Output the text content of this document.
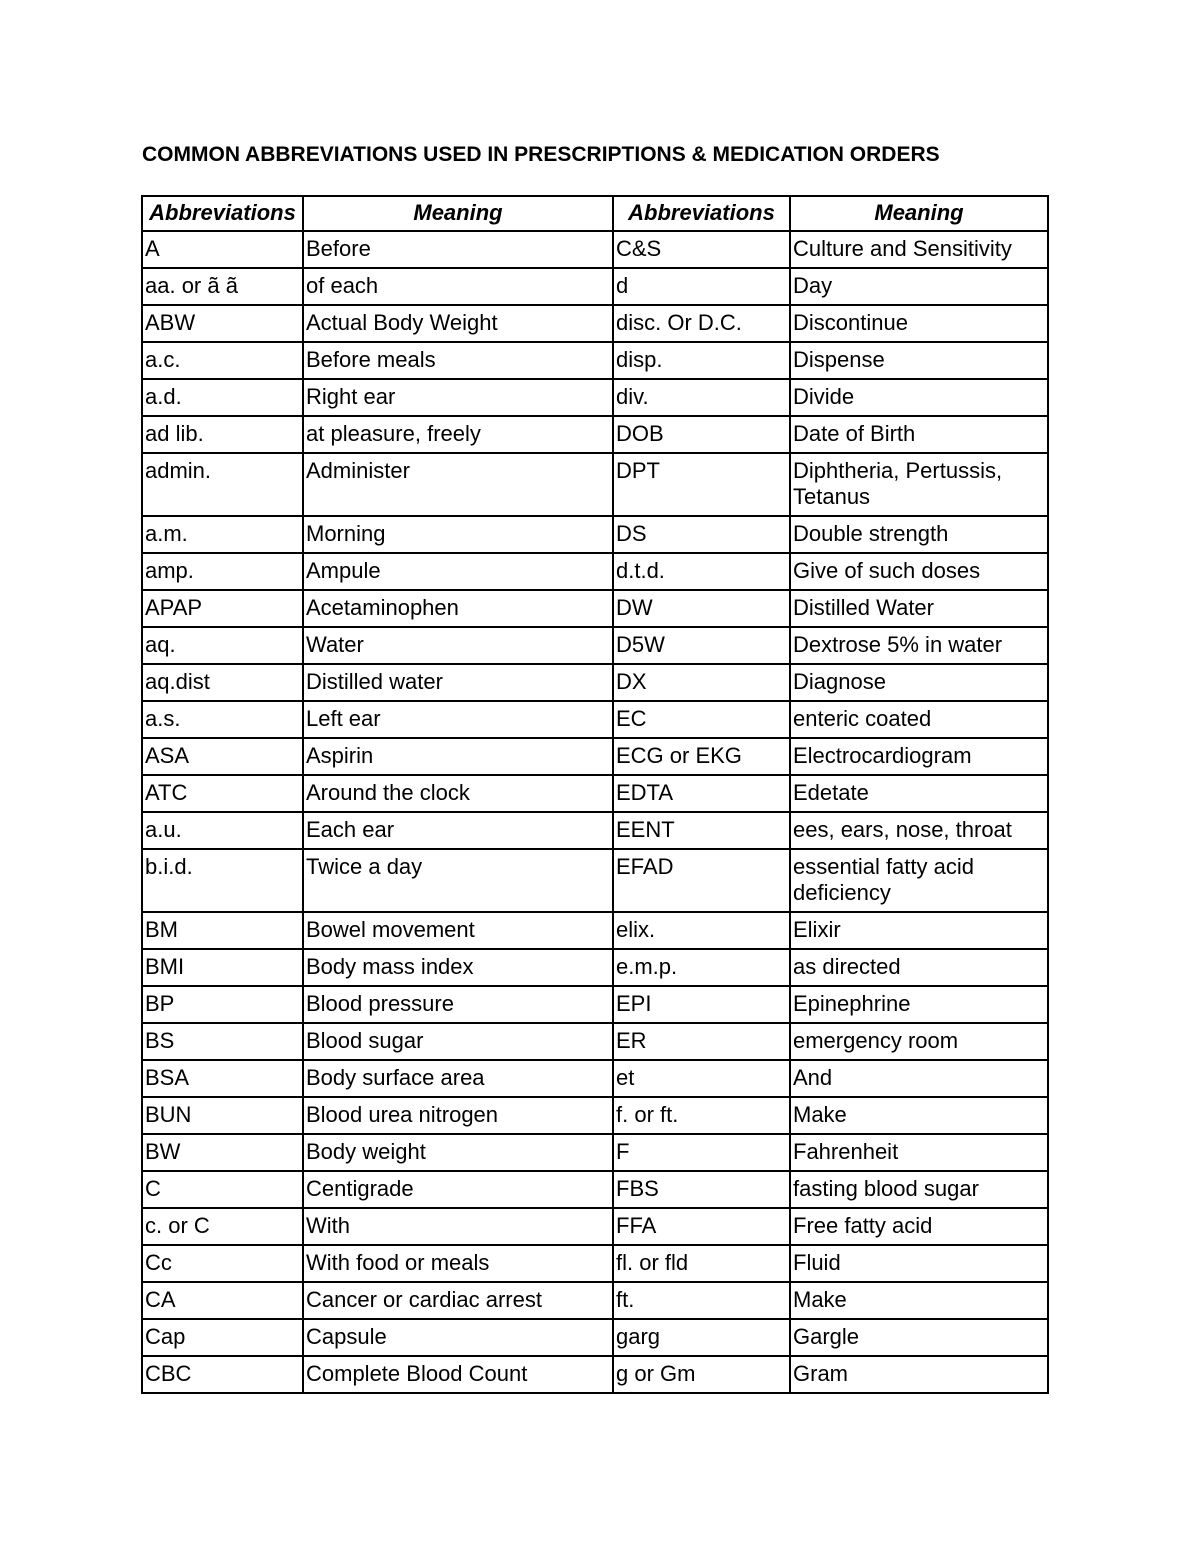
COMMON ABBREVIATIONS USED IN PRESCRIPTIONS & MEDICATION ORDERS
Abbreviations	Meaning	Abbreviations	Meaning
A	Before	C&S	Culture and Sensitivity
aa. or ã ã	of each	d	Day
ABW	Actual Body Weight	disc. Or D.C.	Discontinue
a.c.	Before meals	disp.	Dispense
a.d.	Right ear	div.	Divide
ad lib.	at pleasure, freely	DOB	Date of Birth
admin.	Administer	DPT	Diphtheria, Pertussis, Tetanus
a.m.	Morning	DS	Double strength
amp.	Ampule	d.t.d.	Give of such doses
APAP	Acetaminophen	DW	Distilled Water
aq.	Water	D5W	Dextrose 5% in water
aq.dist	Distilled water	DX	Diagnose
a.s.	Left ear	EC	enteric coated
ASA	Aspirin	ECG or EKG	Electrocardiogram
ATC	Around the clock	EDTA	Edetate
a.u.	Each ear	EENT	ees, ears, nose, throat
b.i.d.	Twice a day	EFAD	essential fatty acid deficiency
BM	Bowel movement	elix.	Elixir
BMI	Body mass index	e.m.p.	as directed
BP	Blood pressure	EPI	Epinephrine
BS	Blood sugar	ER	emergency room
BSA	Body surface area	et	And
BUN	Blood urea nitrogen	f. or ft.	Make
BW	Body weight	F	Fahrenheit
C	Centigrade	FBS	fasting blood sugar
c. or C	With	FFA	Free fatty acid
Cc	With food or meals	fl. or fld	Fluid
CA	Cancer or cardiac arrest	ft.	Make
Cap	Capsule	garg	Gargle
CBC	Complete Blood Count	g or Gm	Gram
